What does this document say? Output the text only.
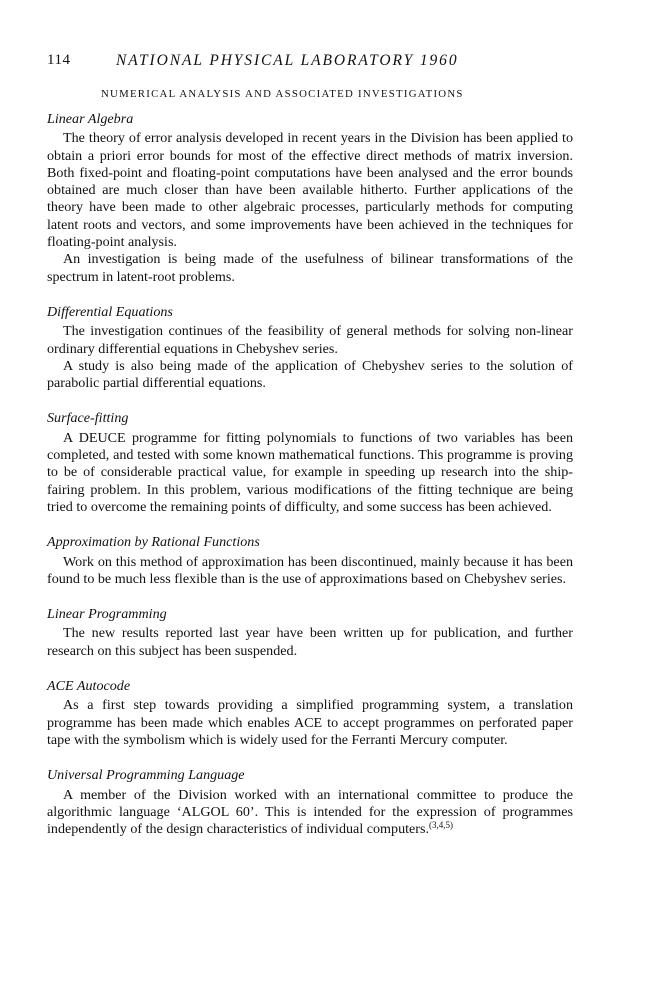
114	NATIONAL PHYSICAL LABORATORY 1960
NUMERICAL ANALYSIS AND ASSOCIATED INVESTIGATIONS

Linear Algebra

The theory of error analysis developed in recent years in the Division has been applied to obtain a priori error bounds for most of the effective direct methods of matrix inversion. Both fixed-point and floating-point computations have been analysed and the error bounds obtained are much closer than have been available hitherto. Further applications of the theory have been made to other algebraic processes, particularly methods for computing latent roots and vectors, and some improvements have been achieved in the techniques for floating-point analysis.

An investigation is being made of the usefulness of bilinear transformations of the spectrum in latent-root problems.

Differential Equations

The investigation continues of the feasibility of general methods for solving non-linear ordinary differential equations in Chebyshev series.

A study is also being made of the application of Chebyshev series to the solution of parabolic partial differential equations.

Surface-fitting

A DEUCE programme for fitting polynomials to functions of two variables has been completed, and tested with some known mathematical functions. This programme is proving to be of considerable practical value, for example in speeding up research into the ship-fairing problem. In this problem, various modifications of the fitting technique are being tried to overcome the remaining points of difficulty, and some success has been achieved.

Approximation by Rational Functions

Work on this method of approximation has been discontinued, mainly because it has been found to be much less flexible than is the use of approximations based on Chebyshev series.

Linear Programming

The new results reported last year have been written up for publication, and further research on this subject has been suspended.

ACE Autocode

As a first step towards providing a simplified programming system, a translation programme has been made which enables ACE to accept programmes on perforated paper tape with the symbolism which is widely used for the Ferranti Mercury computer.

Universal Programming Language

A member of the Division worked with an international committee to produce the algorithmic language ‘ALGOL 60’. This is intended for the expression of programmes independently of the design characteristics of individual computers.$^{(3,4,5)}$
